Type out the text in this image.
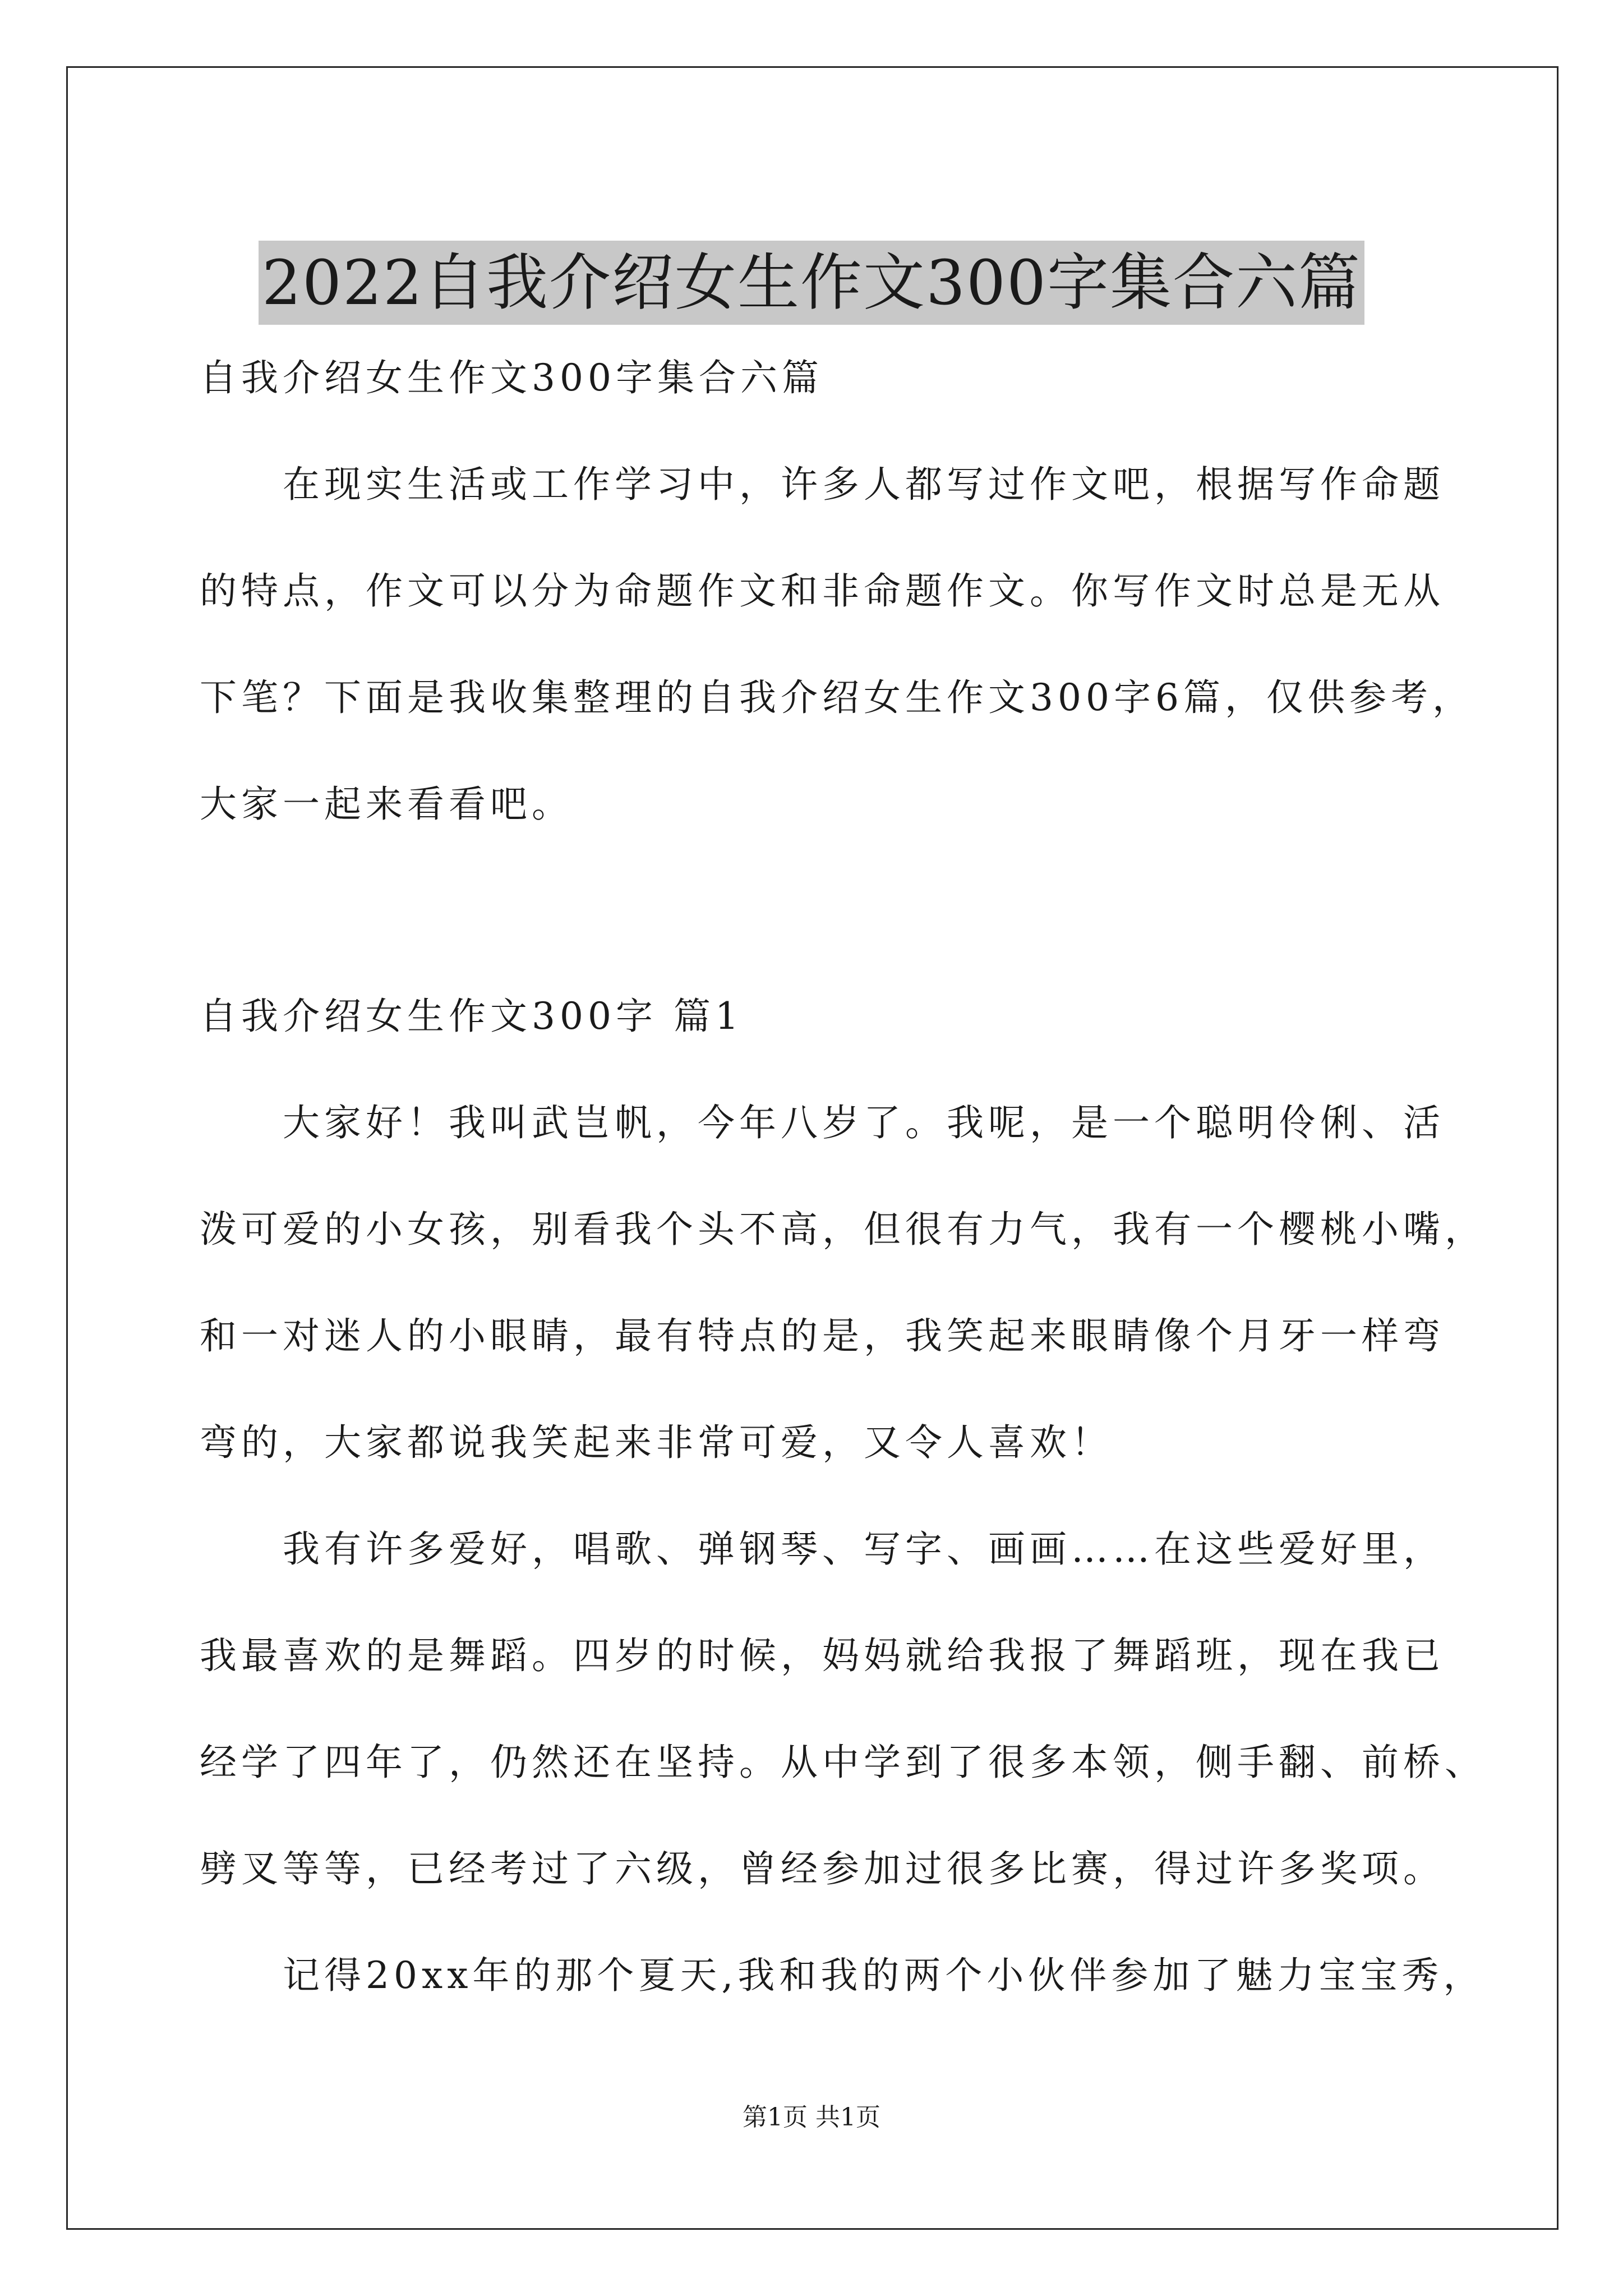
2022自我介绍女生作文300字集合六篇

自我介绍女生作文300字集合六篇

在现实生活或工作学习中，许多人都写过作文吧，根据写作命题

的特点，作文可以分为命题作文和非命题作文。你写作文时总是无从

下笔？下面是我收集整理的自我介绍女生作文300字6篇，仅供参考，

大家一起来看看吧。

自我介绍女生作文300字 篇1

大家好！我叫武岂帆，今年八岁了。我呢，是一个聪明伶俐、活

泼可爱的小女孩，别看我个头不高，但很有力气，我有一个樱桃小嘴，

和一对迷人的小眼睛，最有特点的是，我笑起来眼睛像个月牙一样弯

弯的，大家都说我笑起来非常可爱，又令人喜欢！

我有许多爱好，唱歌、弹钢琴、写字、画画……在这些爱好里，

我最喜欢的是舞蹈。四岁的时候，妈妈就给我报了舞蹈班，现在我已

经学了四年了，仍然还在坚持。从中学到了很多本领，侧手翻、前桥、

劈叉等等，已经考过了六级，曾经参加过很多比赛，得过许多奖项。

记得20xx年的那个夏天,我和我的两个小伙伴参加了魅力宝宝秀，

第1页 共1页
